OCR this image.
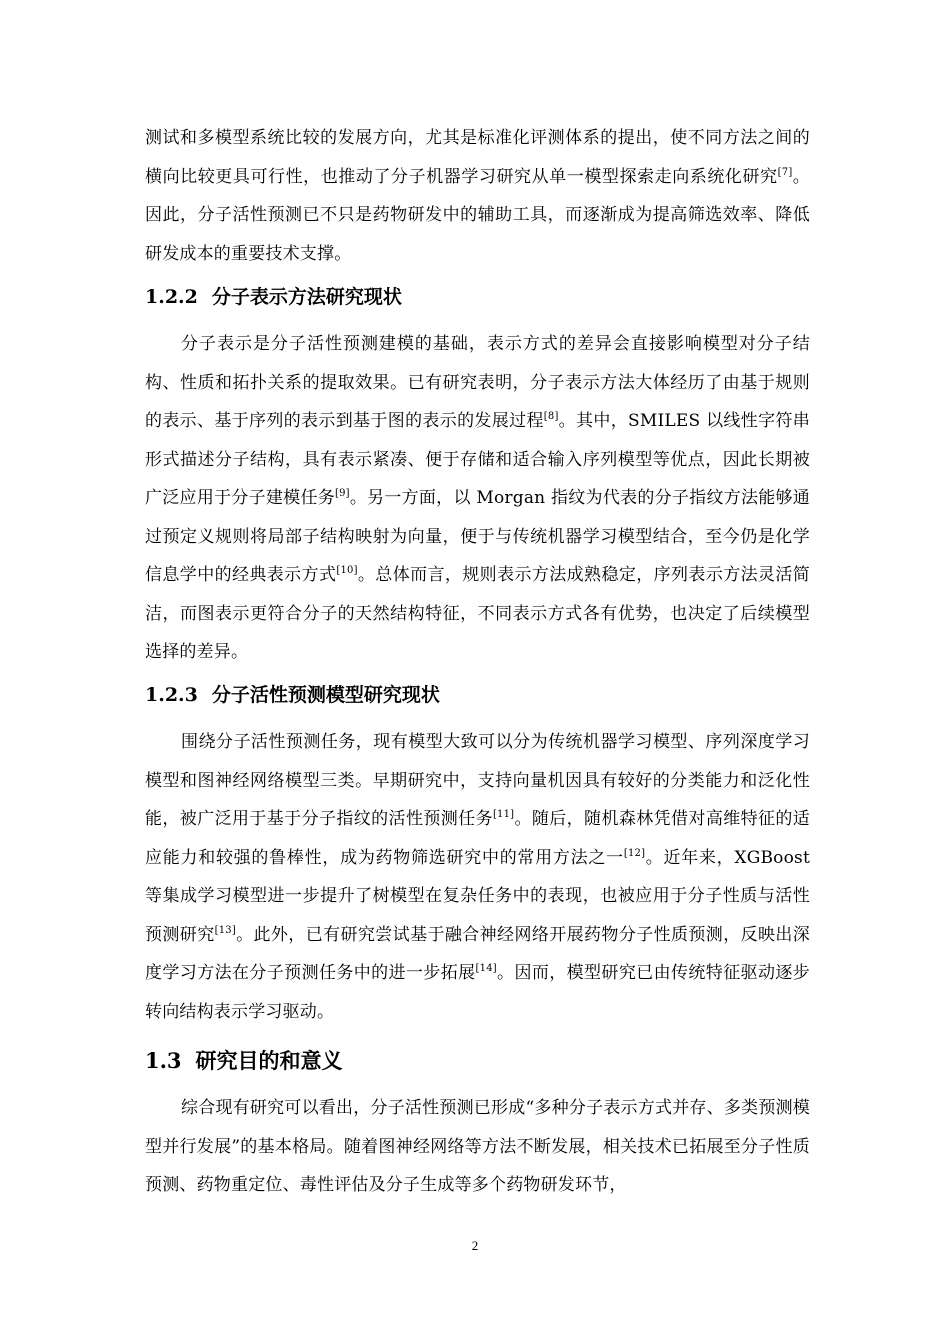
测试和多模型系统比较的发展方向，尤其是标准化评测体系的提出，使不同方法之间的横向比较更具可行性，也推动了分子机器学习研究从单一模型探索走向系统化研究[7]。因此，分子活性预测已不只是药物研发中的辅助工具，而逐渐成为提高筛选效率、降低研发成本的重要技术支撑。

1.2.2 分子表示方法研究现状

分子表示是分子活性预测建模的基础，表示方式的差异会直接影响模型对分子结构、性质和拓扑关系的提取效果。已有研究表明，分子表示方法大体经历了由基于规则的表示、基于序列的表示到基于图的表示的发展过程[8]。其中，SMILES 以线性字符串形式描述分子结构，具有表示紧凑、便于存储和适合输入序列模型等优点，因此长期被广泛应用于分子建模任务[9]。另一方面，以 Morgan 指纹为代表的分子指纹方法能够通过预定义规则将局部子结构映射为向量，便于与传统机器学习模型结合，至今仍是化学信息学中的经典表示方式[10]。总体而言，规则表示方法成熟稳定，序列表示方法灵活简洁，而图表示更符合分子的天然结构特征，不同表示方式各有优势，也决定了后续模型选择的差异。

1.2.3 分子活性预测模型研究现状

围绕分子活性预测任务，现有模型大致可以分为传统机器学习模型、序列深度学习模型和图神经网络模型三类。早期研究中，支持向量机因具有较好的分类能力和泛化性能，被广泛用于基于分子指纹的活性预测任务[11]。随后，随机森林凭借对高维特征的适应能力和较强的鲁棒性，成为药物筛选研究中的常用方法之一[12]。近年来，XGBoost 等集成学习模型进一步提升了树模型在复杂任务中的表现，也被应用于分子性质与活性预测研究[13]。此外，已有研究尝试基于融合神经网络开展药物分子性质预测，反映出深度学习方法在分子预测任务中的进一步拓展[14]。因而，模型研究已由传统特征驱动逐步转向结构表示学习驱动。

1.3 研究目的和意义

综合现有研究可以看出，分子活性预测已形成“多种分子表示方式并存、多类预测模型并行发展”的基本格局。随着图神经网络等方法不断发展，相关技术已拓展至分子性质预测、药物重定位、毒性评估及分子生成等多个药物研发环节，

2
